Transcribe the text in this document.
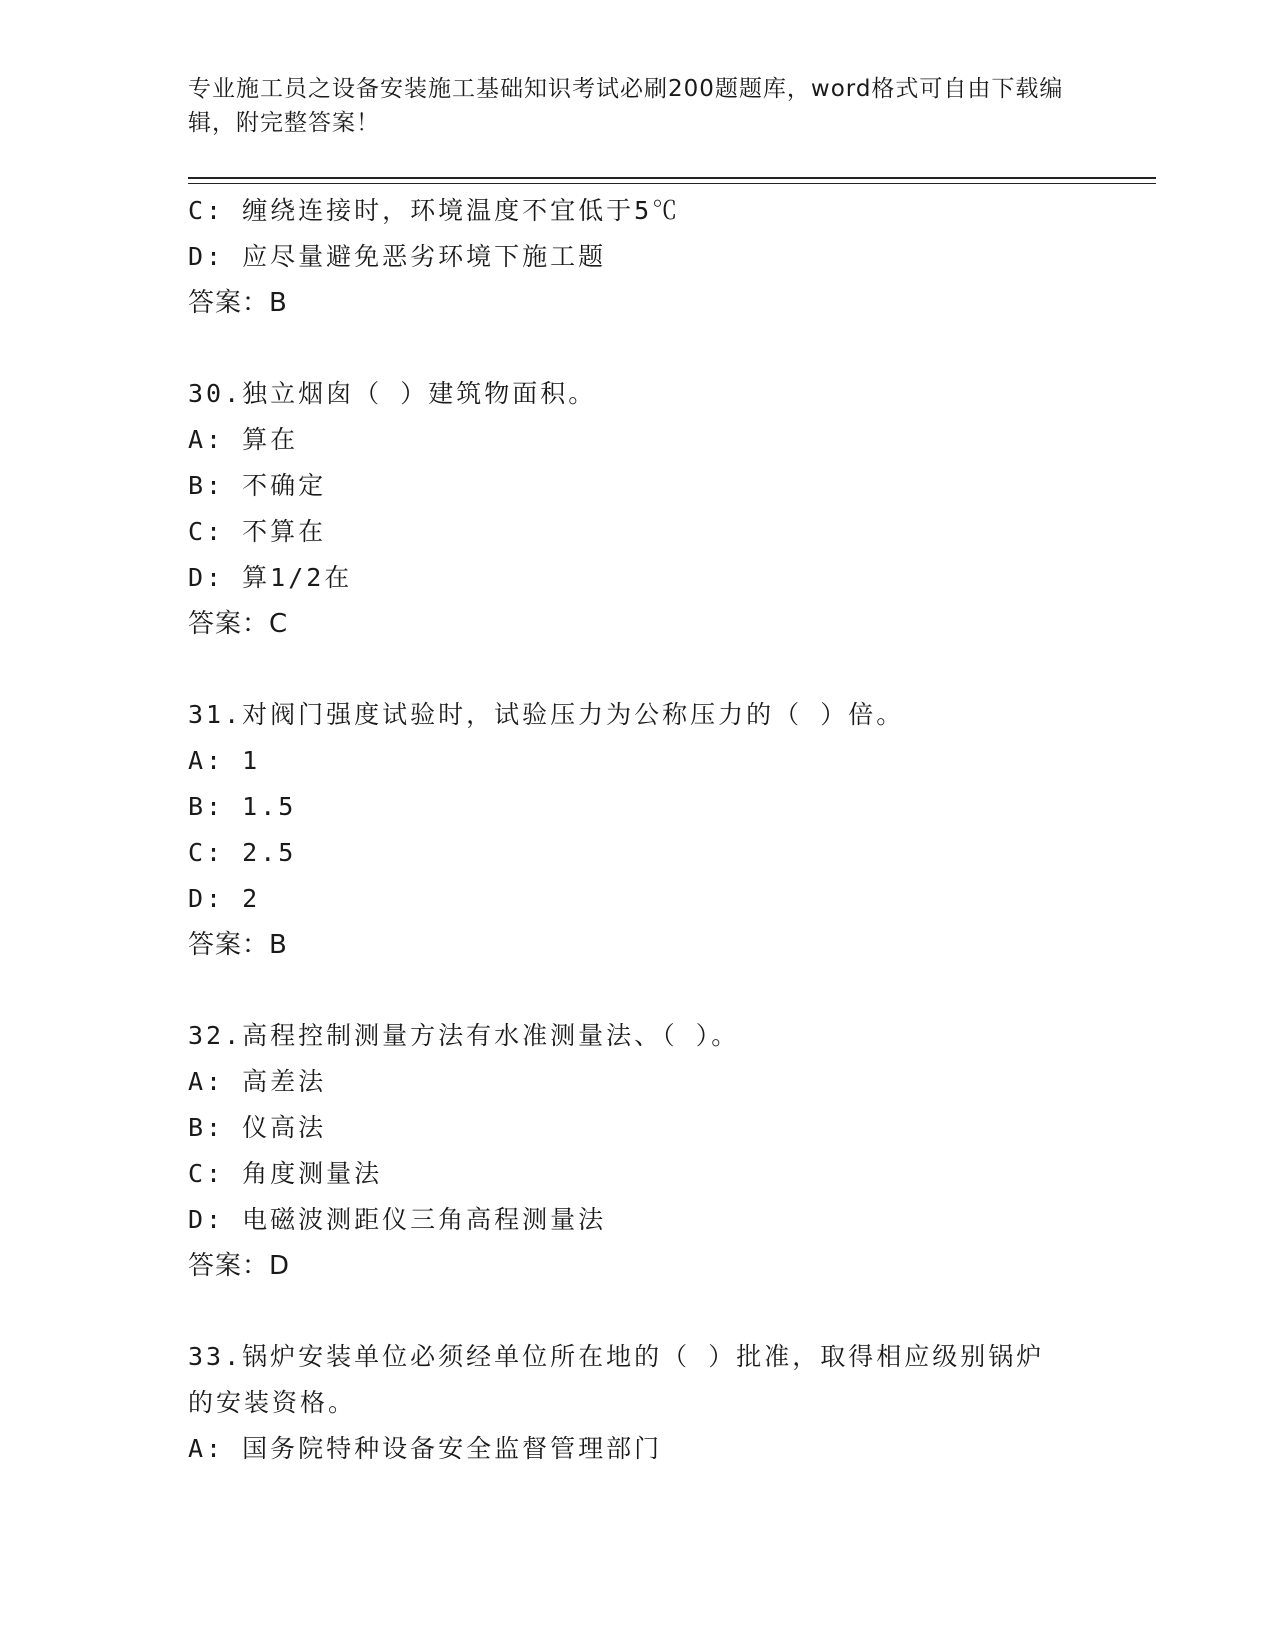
专业施工员之设备安装施工基础知识考试必刷200题题库，word格式可自由下载编辑，附完整答案！
C: 缠绕连接时，环境温度不宜低于5℃
D: 应尽量避免恶劣环境下施工题
答案：B
30.独立烟囱（ ）建筑物面积。
A: 算在
B: 不确定
C: 不算在
D: 算1/2在
答案：C
31.对阀门强度试验时，试验压力为公称压力的（ ）倍。
A: 1
B: 1.5
C: 2.5
D: 2
答案：B
32.高程控制测量方法有水准测量法、（ ）。
A: 高差法
B: 仪高法
C: 角度测量法
D: 电磁波测距仪三角高程测量法
答案：D
33.锅炉安装单位必须经单位所在地的（ ）批准，取得相应级别锅炉的安装资格。
A: 国务院特种设备安全监督管理部门
